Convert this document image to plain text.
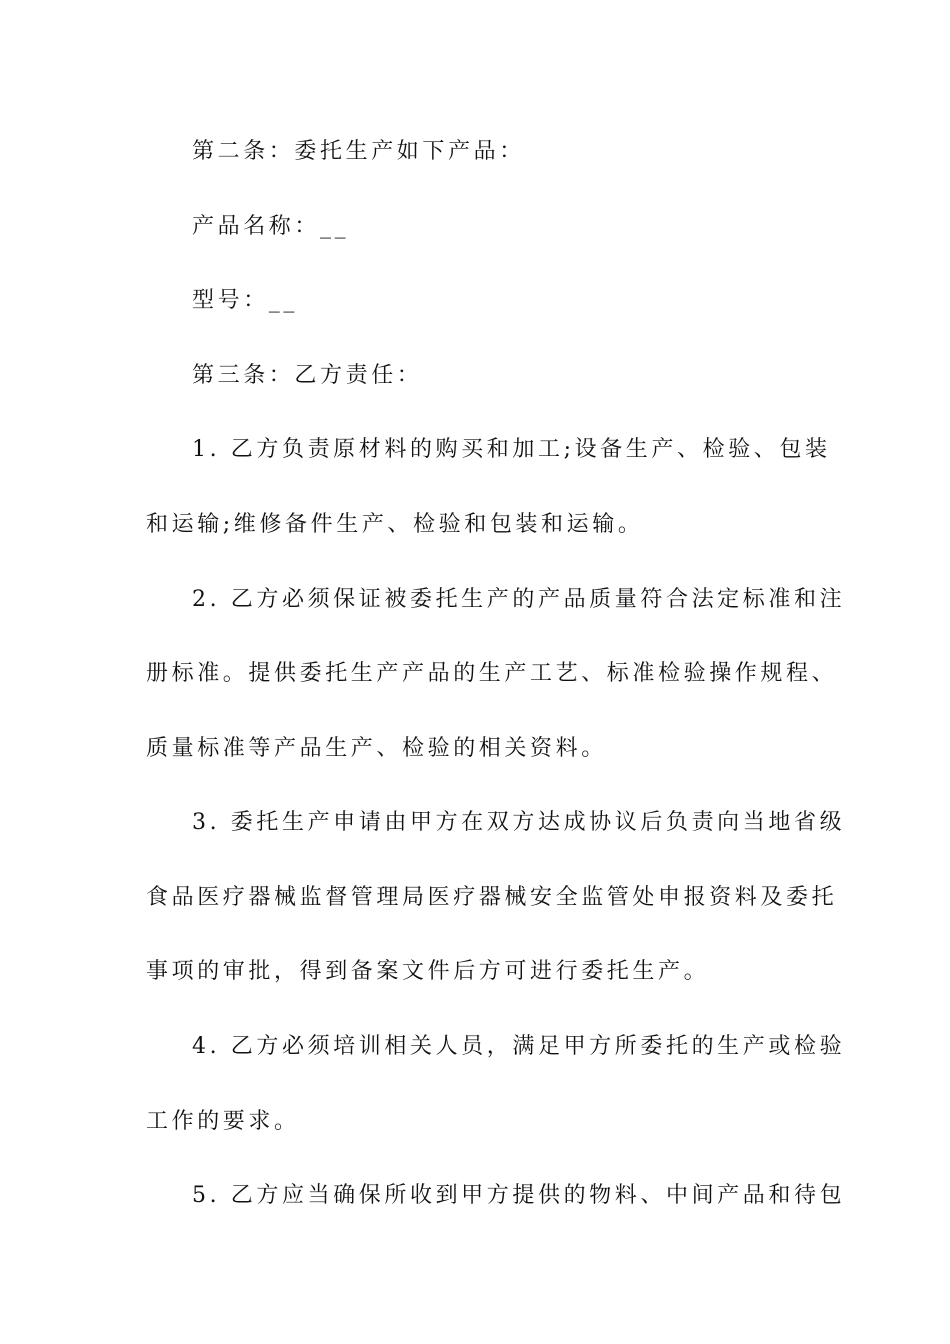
第二条：委托生产如下产品：
产品名称：__
型号：__
第三条：乙方责任：
1. 乙方负责原材料的购买和加工;设备生产、检验、包装
和运输;维修备件生产、检验和包装和运输。
2. 乙方必须保证被委托生产的产品质量符合法定标准和注
册标准。提供委托生产产品的生产工艺、标准检验操作规程、
质量标准等产品生产、检验的相关资料。
3. 委托生产申请由甲方在双方达成协议后负责向当地省级
食品医疗器械监督管理局医疗器械安全监管处申报资料及委托
事项的审批，得到备案文件后方可进行委托生产。
4. 乙方必须培训相关人员，满足甲方所委托的生产或检验
工作的要求。
5. 乙方应当确保所收到甲方提供的物料、中间产品和待包
